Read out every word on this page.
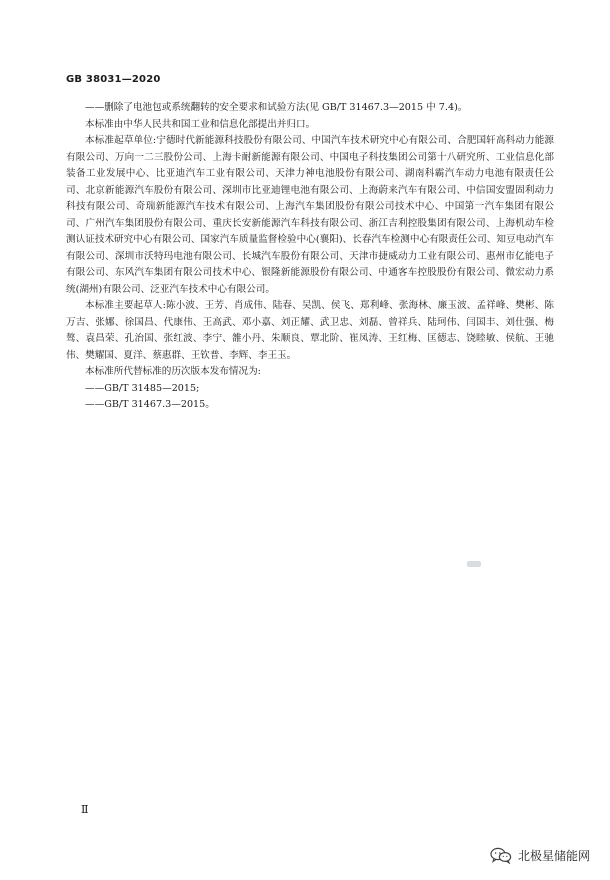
GB 38031—2020

——删除了电池包或系统翻转的安全要求和试验方法(见 GB/T 31467.3—2015 中 7.4)。

本标准由中华人民共和国工业和信息化部提出并归口。

本标准起草单位:宁德时代新能源科技股份有限公司、中国汽车技术研究中心有限公司、合肥国轩高科动力能源有限公司、万向一二三股份公司、上海卡耐新能源有限公司、中国电子科技集团公司第十八研究所、工业信息化部装备工业发展中心、比亚迪汽车工业有限公司、天津力神电池股份有限公司、湖南科霸汽车动力电池有限责任公司、北京新能源汽车股份有限公司、深圳市比亚迪锂电池有限公司、上海蔚来汽车有限公司、中信国安盟固利动力科技有限公司、奇瑞新能源汽车技术有限公司、上海汽车集团股份有限公司技术中心、中国第一汽车集团有限公司、广州汽车集团股份有限公司、重庆长安新能源汽车科技有限公司、浙江吉利控股集团有限公司、上海机动车检测认证技术研究中心有限公司、国家汽车质量监督检验中心(襄阳)、长春汽车检测中心有限责任公司、知豆电动汽车有限公司、深圳市沃特玛电池有限公司、长城汽车股份有限公司、天津市捷威动力工业有限公司、惠州市亿能电子有限公司、东风汽车集团有限公司技术中心、银隆新能源股份有限公司、中通客车控股股份有限公司、微宏动力系统(湖州)有限公司、泛亚汽车技术中心有限公司。

本标准主要起草人:陈小波、王芳、肖成伟、陆春、吴凯、侯飞、郑利峰、张海林、廉玉波、孟祥峰、樊彬、陈万吉、张娜、徐国昌、代康伟、王高武、邓小嘉、刘正耀、武卫忠、刘磊、曾祥兵、陆珂伟、闫国丰、刘仕强、梅骜、袁昌荣、孔治国、张红波、李宁、雒小丹、朱顺良、覃北阶、崔凤涛、王红梅、匡德志、饶睦敏、侯航、王驰伟、樊耀国、夏洋、蔡惠群、王钦普、李辉、李王玉。

本标准所代替标准的历次版本发布情况为:

——GB/T 31485—2015;

——GB/T 31467.3—2015。

Ⅱ
北极星储能网
